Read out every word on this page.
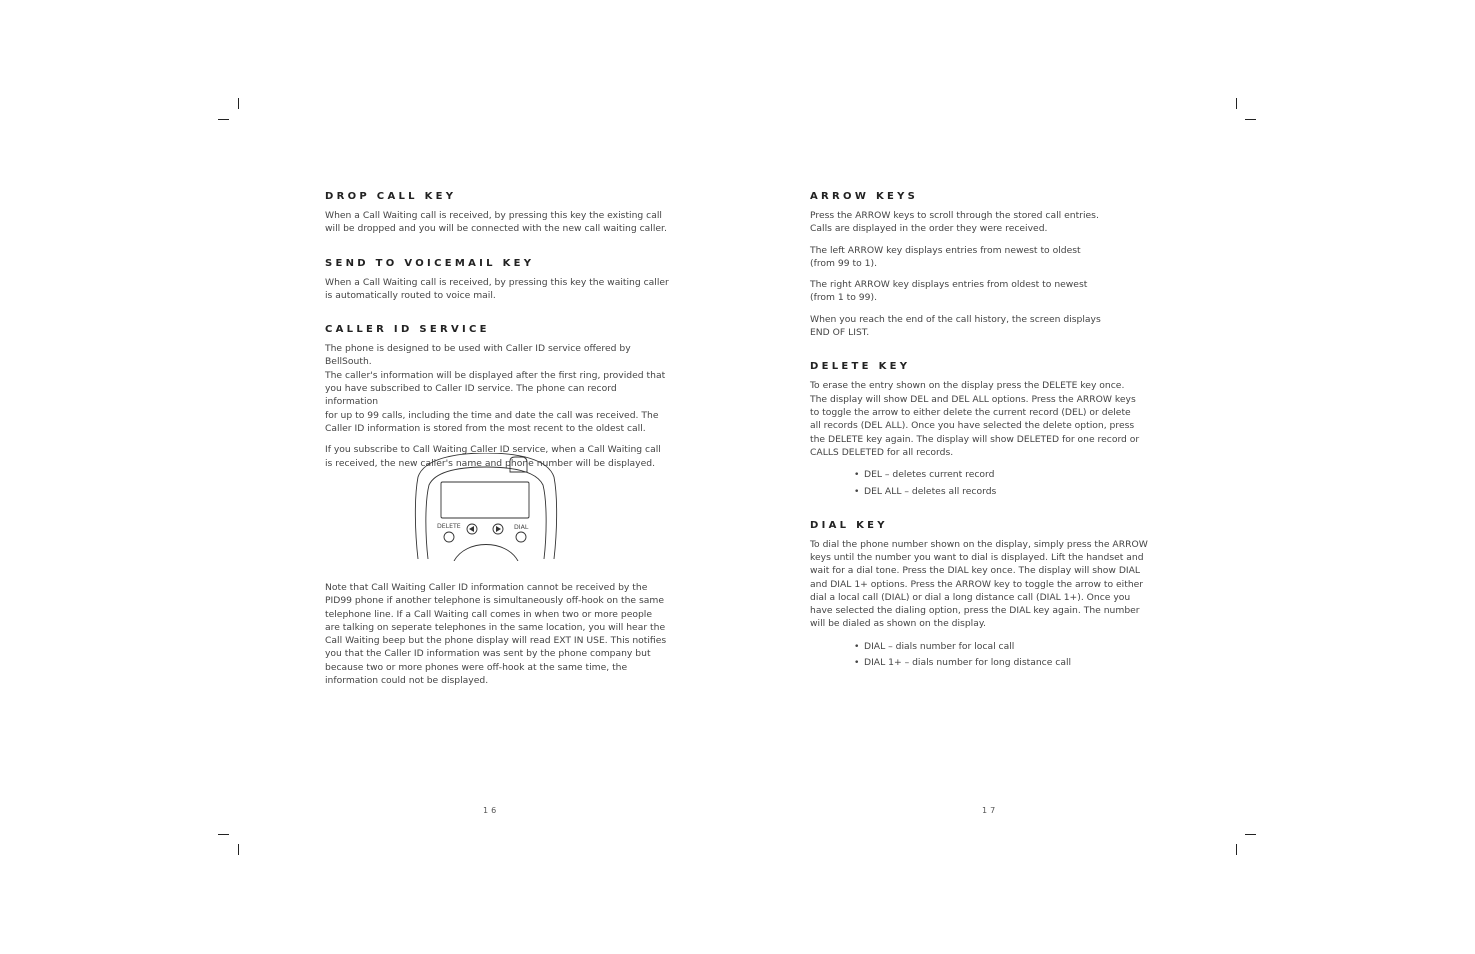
DROP CALL KEY

When a Call Waiting call is received, by pressing this key the existing call
will be dropped and you will be connected with the new call waiting caller.

SEND TO VOICEMAIL KEY

When a Call Waiting call is received, by pressing this key the waiting caller
is automatically routed to voice mail.

CALLER ID SERVICE

The phone is designed to be used with Caller ID service offered by BellSouth.
The caller's information will be displayed after the first ring, provided that
you have subscribed to Caller ID service. The phone can record information
for up to 99 calls, including the time and date the call was received. The
Caller ID information is stored from the most recent to the oldest call.

If you subscribe to Call Waiting Caller ID service, when a Call Waiting call
is received, the new caller's name and phone number will be displayed.

DELETE	DIAL

Note that Call Waiting Caller ID information cannot be received by the
PID99 phone if another telephone is simultaneously off-hook on the same
telephone line. If a Call Waiting call comes in when two or more people
are talking on seperate telephones in the same location, you will hear the
Call Waiting beep but the phone display will read EXT IN USE. This notifies
you that the Caller ID information was sent by the phone company but
because two or more phones were off-hook at the same time, the
information could not be displayed.

16
ARROW KEYS

Press the ARROW keys to scroll through the stored call entries.
Calls are displayed in the order they were received.

The left ARROW key displays entries from newest to oldest
(from 99 to 1).

The right ARROW key displays entries from oldest to newest
(from 1 to 99).

When you reach the end of the call history, the screen displays
END OF LIST.

DELETE KEY

To erase the entry shown on the display press the DELETE key once.
The display will show DEL and DEL ALL options. Press the ARROW keys
to toggle the arrow to either delete the current record (DEL) or delete
all records (DEL ALL). Once you have selected the delete option, press
the DELETE key again. The display will show DELETED for one record or
CALLS DELETED for all records.

• DEL – deletes current record
• DEL ALL – deletes all records
DIAL KEY

To dial the phone number shown on the display, simply press the ARROW
keys until the number you want to dial is displayed. Lift the handset and
wait for a dial tone. Press the DIAL key once. The display will show DIAL
and DIAL 1+ options. Press the ARROW key to toggle the arrow to either
dial a local call (DIAL) or dial a long distance call (DIAL 1+). Once you
have selected the dialing option, press the DIAL key again. The number
will be dialed as shown on the display.

• DIAL – dials number for local call
• DIAL 1+ – dials number for long distance call
17
